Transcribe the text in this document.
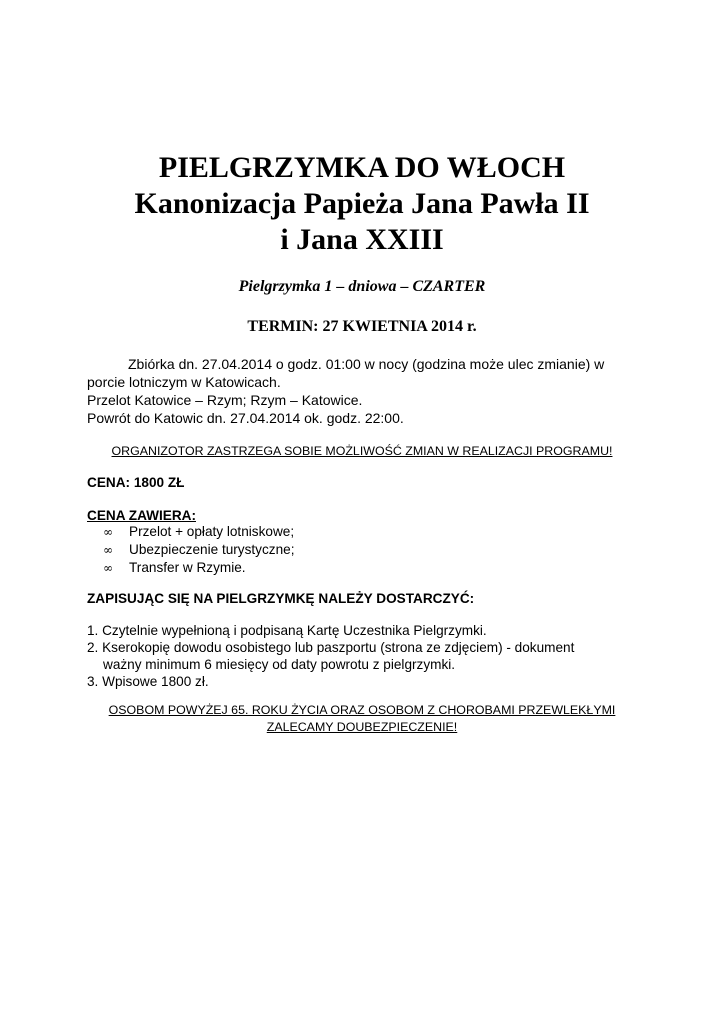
PIELGRZYMKA DO WŁOCH
Kanonizacja Papieża Jana Pawła II
i Jana XXIII
Pielgrzymka 1 – dniowa – CZARTER
TERMIN: 27 KWIETNIA 2014 r.
Zbiórka dn. 27.04.2014 o godz. 01:00 w nocy (godzina może ulec zmianie) w
porcie lotniczym w Katowicach.
Przelot Katowice – Rzym; Rzym – Katowice.
Powrót do Katowic dn. 27.04.2014 ok. godz. 22:00.
ORGANIZOTOR ZASTRZEGA SOBIE MOŻLIWOŚĆ ZMIAN W REALIZACJI PROGRAMU!
CENA: 1800 ZŁ
CENA ZAWIERA:
∞ Przelot + opłaty lotniskowe;
∞ Ubezpieczenie turystyczne;
∞ Transfer w Rzymie.
ZAPISUJĄC SIĘ NA PIELGRZYMKĘ NALEŻY DOSTARCZYĆ:
1. Czytelnie wypełnioną i podpisaną Kartę Uczestnika Pielgrzymki.
2. Kserokopię dowodu osobistego lub paszportu (strona ze zdjęciem) - dokument
ważny minimum 6 miesięcy od daty powrotu z pielgrzymki.
3. Wpisowe 1800 zł.
OSOBOM POWYŻEJ 65. ROKU ŻYCIA ORAZ OSOBOM Z CHOROBAMI PRZEWLEKŁYMI
ZALECAMY DOUBEZPIECZENIE!
